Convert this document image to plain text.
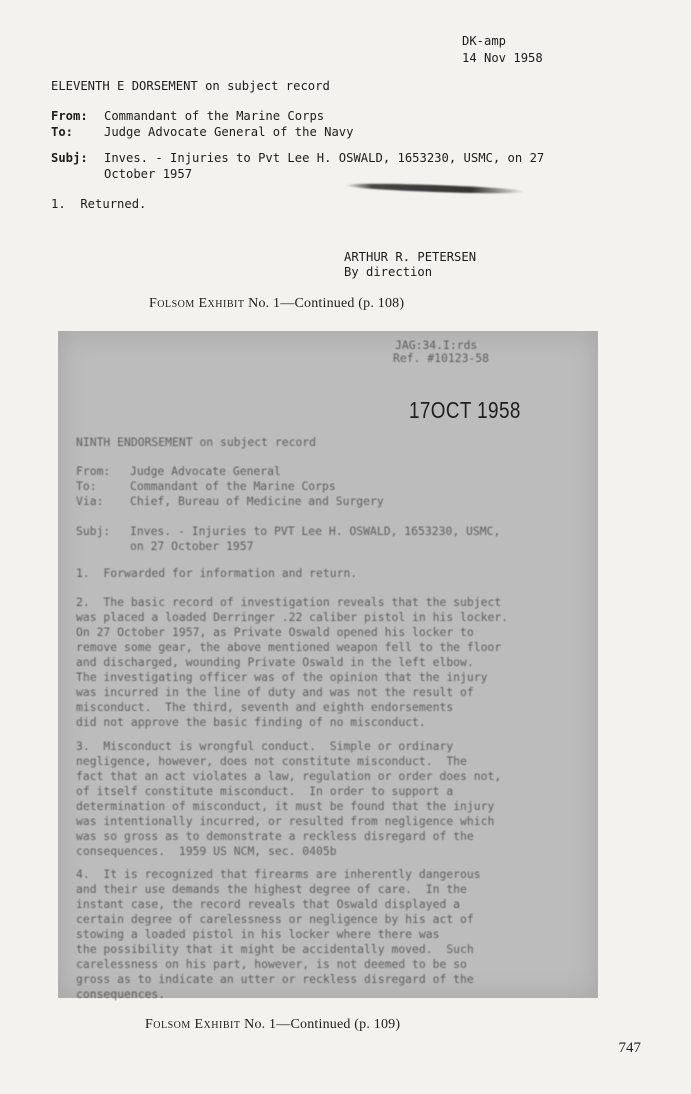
DK-amp
14 Nov 1958
ELEVENTH E DORSEMENT on subject record
From: Commandant of the Marine Corps
To:	Judge Advocate General of the Navy
Subj: Inves. - Injuries to Pvt Lee H. OSWALD, 1653230, USMC, on 27
October 1957
1.  Returned.
ARTHUR R. PETERSEN
By direction
Folsom Exhibit No. 1—Continued (p. 108)
JAG:34.I:rds
Ref. #10123-58
17OCT 1958
NINTH ENDORSEMENT on subject record
From: Judge Advocate General
To:	Commandant of the Marine Corps
Via: Chief, Bureau of Medicine and Surgery
Subj: Inves. - Injuries to PVT Lee H. OSWALD, 1653230, USMC,
on 27 October 1957
1.  Forwarded for information and return.
2.  The basic record of investigation reveals that the subject
was placed a loaded Derringer .22 caliber pistol in his locker.
On 27 October 1957, as Private Oswald opened his locker to
remove some gear, the above mentioned weapon fell to the floor
and discharged, wounding Private Oswald in the left elbow.
The investigating officer was of the opinion that the injury
was incurred in the line of duty and was not the result of
misconduct.  The third, seventh and eighth endorsements
did not approve the basic finding of no misconduct.
3.  Misconduct is wrongful conduct.  Simple or ordinary
negligence, however, does not constitute misconduct.  The
fact that an act violates a law, regulation or order does not,
of itself constitute misconduct.  In order to support a
determination of misconduct, it must be found that the injury
was intentionally incurred, or resulted from negligence which
was so gross as to demonstrate a reckless disregard of the
consequences.  1959 US NCM, sec. 0405b
4.  It is recognized that firearms are inherently dangerous
and their use demands the highest degree of care.  In the
instant case, the record reveals that Oswald displayed a
certain degree of carelessness or negligence by his act of
stowing a loaded pistol in his locker where there was
the possibility that it might be accidentally moved.  Such
carelessness on his part, however, is not deemed to be so
gross as to indicate an utter or reckless disregard of the
consequences.
Folsom Exhibit No. 1—Continued (p. 109)
747
